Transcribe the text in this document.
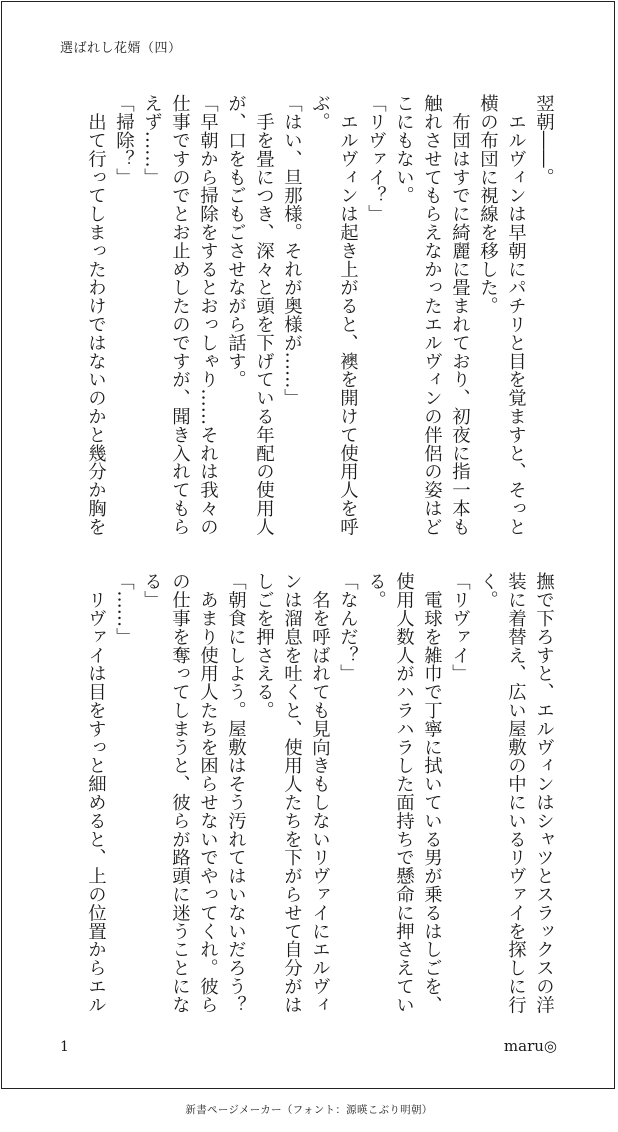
選ばれし花婿（四）
翌朝――。
　エルヴィンは早朝にパチリと目を覚ますと、そっと
横の布団に視線を移した。
　布団はすでに綺麗に畳まれており、初夜に指一本も
触れさせてもらえなかったエルヴィンの伴侶の姿はど
こにもない。
「リヴァイ？」
　エルヴィンは起き上がると、襖を開けて使用人を呼
ぶ。
「はい、旦那様。それが奥様が……」
　手を畳につき、深々と頭を下げている年配の使用人
が、口をもごもごさせながら話す。
「早朝から掃除をするとおっしゃり……それは我々の
仕事ですのでとお止めしたのですが、聞き入れてもら
えず……」
「掃除？」
　出て行ってしまったわけではないのかと幾分か胸を
撫で下ろすと、エルヴィンはシャツとスラックスの洋
装に着替え、広い屋敷の中にいるリヴァイを探しに行
く。
「リヴァイ」
　電球を雑巾で丁寧に拭いている男が乗るはしごを、
使用人数人がハラハラした面持ちで懸命に押さえてい
る。
「なんだ？」
　名を呼ばれても見向きもしないリヴァイにエルヴィ
ンは溜息を吐くと、使用人たちを下がらせて自分がは
しごを押さえる。
「朝食にしよう。屋敷はそう汚れてはいないだろう？
　あまり使用人たちを困らせないでやってくれ。彼ら
の仕事を奪ってしまうと、彼らが路頭に迷うことにな
る」
「……」
　リヴァイは目をすっと細めると、上の位置からエル
1	maru◎
新書ページメーカー（フォント：源暎こぶり明朝）
